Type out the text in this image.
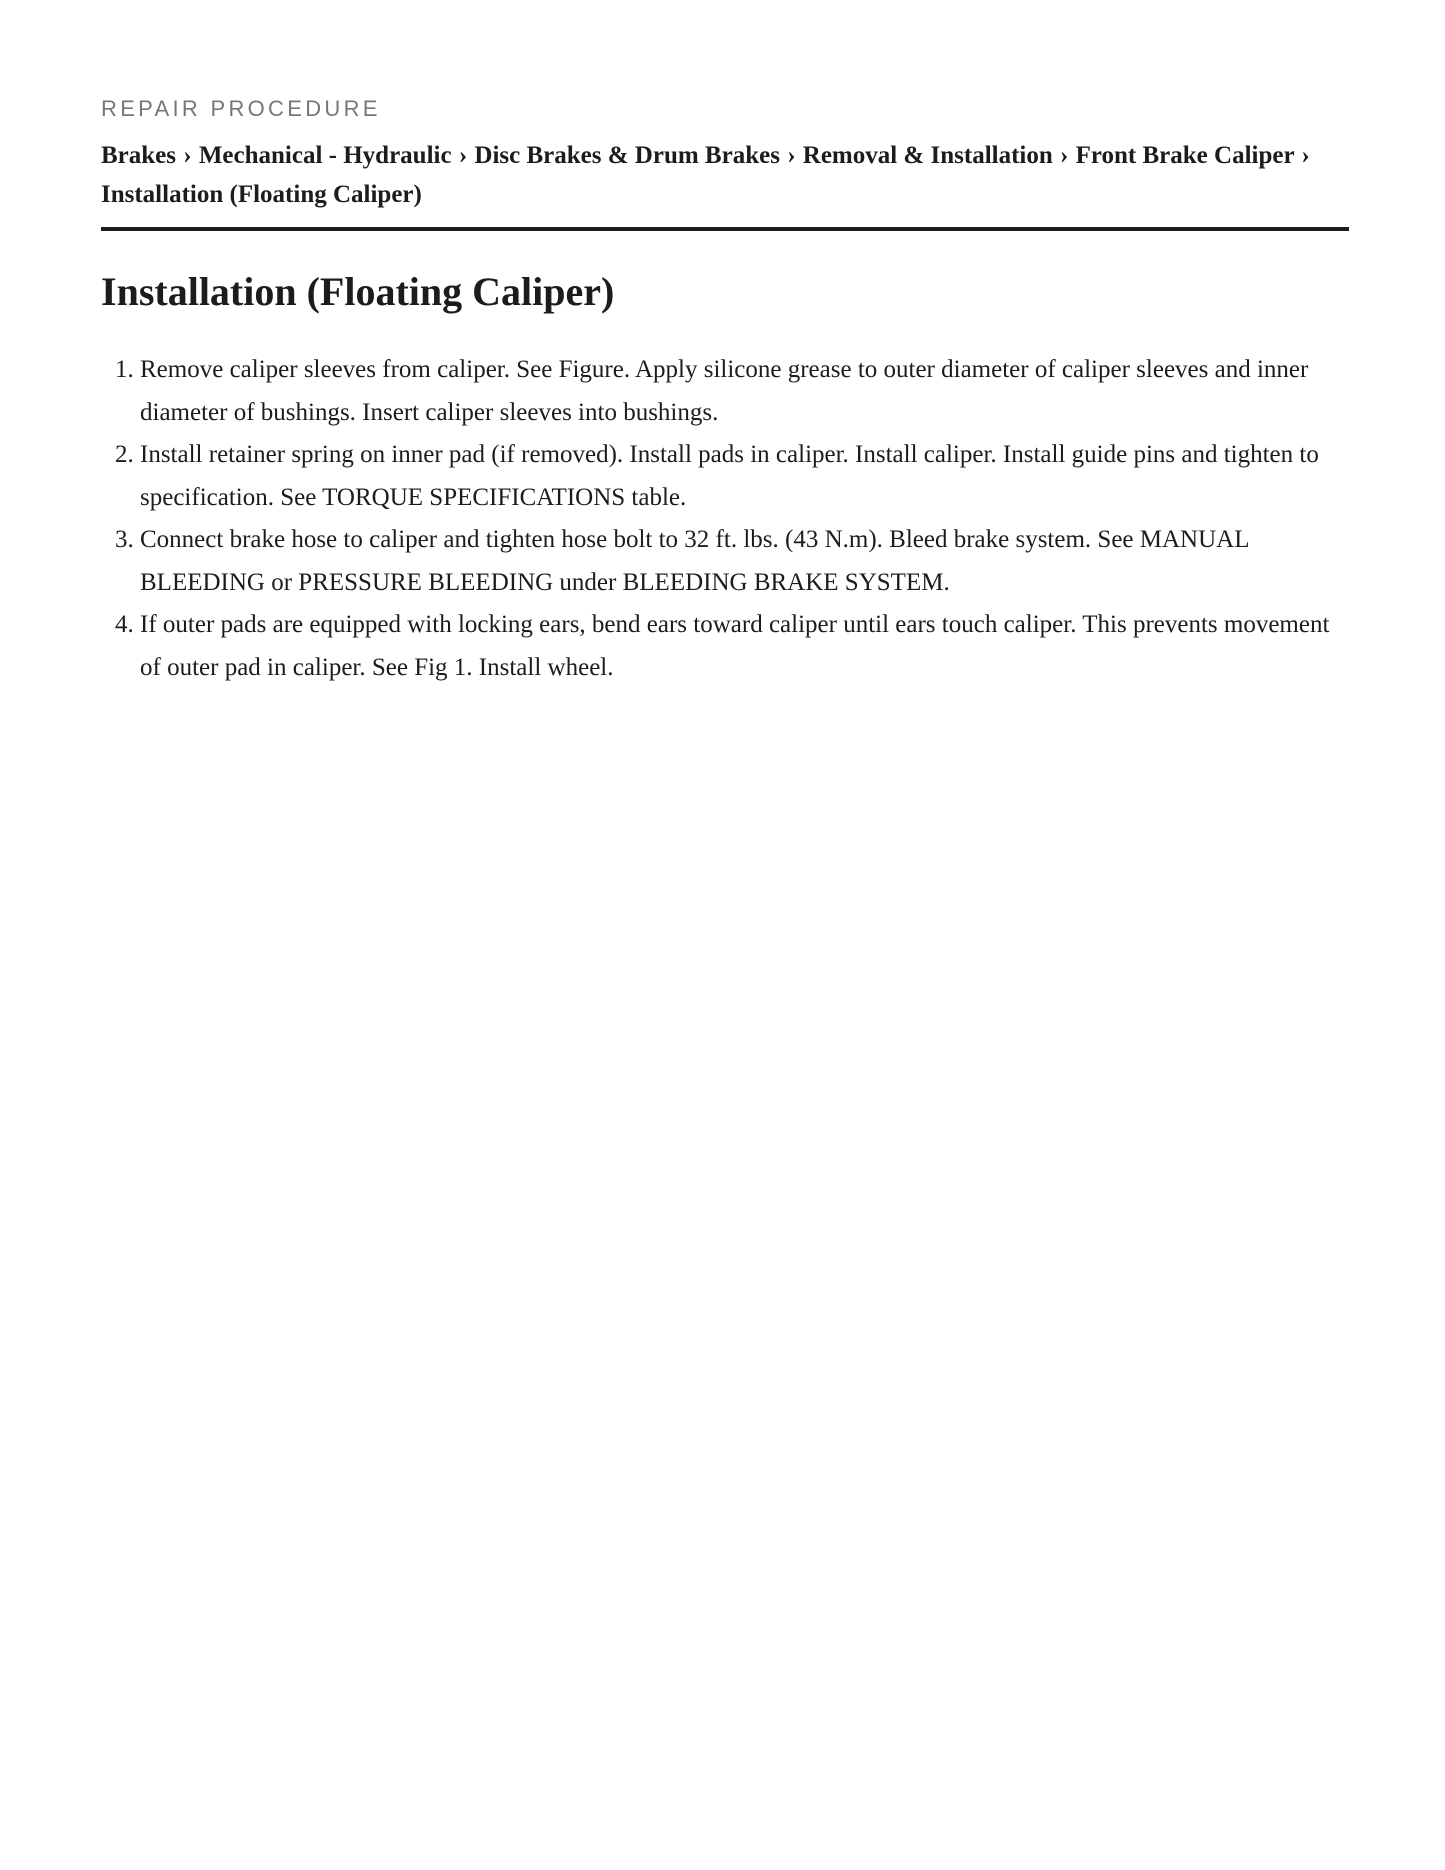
REPAIR PROCEDURE
Brakes › Mechanical - Hydraulic › Disc Brakes & Drum Brakes › Removal & Installation › Front Brake Caliper › Installation (Floating Caliper)
Installation (Floating Caliper)
1. Remove caliper sleeves from caliper. See Figure. Apply silicone grease to outer diameter of caliper sleeves and inner diameter of bushings. Insert caliper sleeves into bushings.
2. Install retainer spring on inner pad (if removed). Install pads in caliper. Install caliper. Install guide pins and tighten to specification. See TORQUE SPECIFICATIONS table.
3. Connect brake hose to caliper and tighten hose bolt to 32 ft. lbs. (43 N.m). Bleed brake system. See MANUAL BLEEDING or PRESSURE BLEEDING under BLEEDING BRAKE SYSTEM.
4. If outer pads are equipped with locking ears, bend ears toward caliper until ears touch caliper. This prevents movement of outer pad in caliper. See Fig 1. Install wheel.
